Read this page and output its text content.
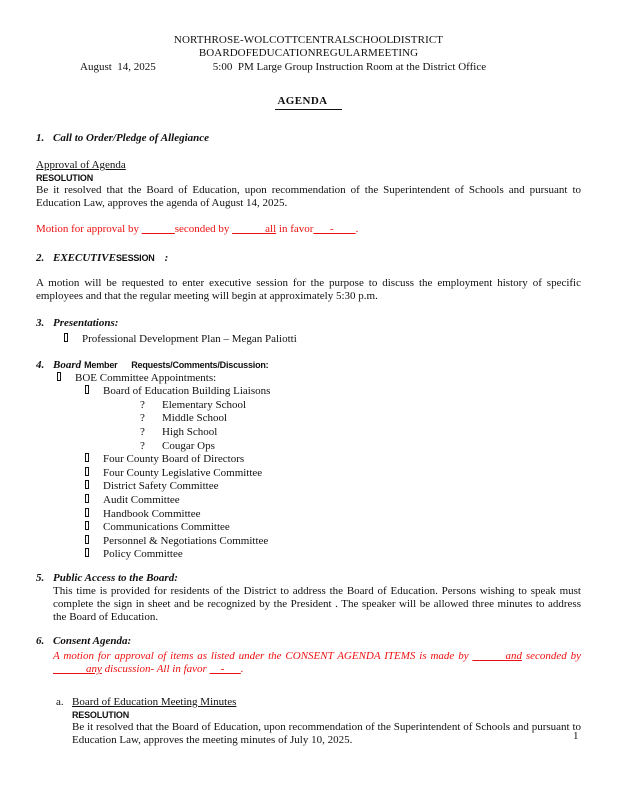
NORTH ROSE-WOLCOTT CENTRAL SCHOOL DISTRICT
BOARD OF EDUCATION REGULAR MEETING
August  14, 2025	5:00  PM Large Group Instruction Room at the District Office
AGENDA
1. Call to Order/Pledge of Allegiance
Approval of Agenda
RESOLUTION
Be it resolved that the Board of Education, upon recommendation of the Superintendent of Schools and pursuant to Education Law, approves the agenda of August 14, 2025.
Motion for approval by ______seconded by ______all in favor___-____.
2. EXECUTIVE SESSION :
A motion will be requested to enter executive session for the purpose to discuss the employment history of specific employees and that the regular meeting will begin at approximately 5:30 p.m.
3. Presentations:
Professional Development Plan – Megan Paliotti
4. Board Member      Requests/Comments/Discussion:
BOE Committee Appointments:
Board of Education Building Liaisons
?	Elementary School
?	Middle School
?	High School
?	Cougar Ops
Four County Board of Directors
Four County Legislative Committee
District Safety Committee
Audit Committee
Handbook Committee
Communications Committee
Personnel & Negotiations Committee
Policy Committee
5. Public Access to the Board:
This time is provided for residents of the District to address the Board of Education. Persons wishing to speak must complete the sign in sheet and be recognized by the President . The speaker will be allowed three minutes to address the Board of Education.
6. Consent Agenda:
A motion for approval of items as listed under the CONSENT AGENDA ITEMS is made by ______and seconded by ______any discussion- All in favor __-___.
a. Board of Education Meeting Minutes
RESOLUTION
Be it resolved that the Board of Education, upon recommendation of the Superintendent of Schools and pursuant to Education Law, approves the meeting minutes of July 10, 2025.	1
